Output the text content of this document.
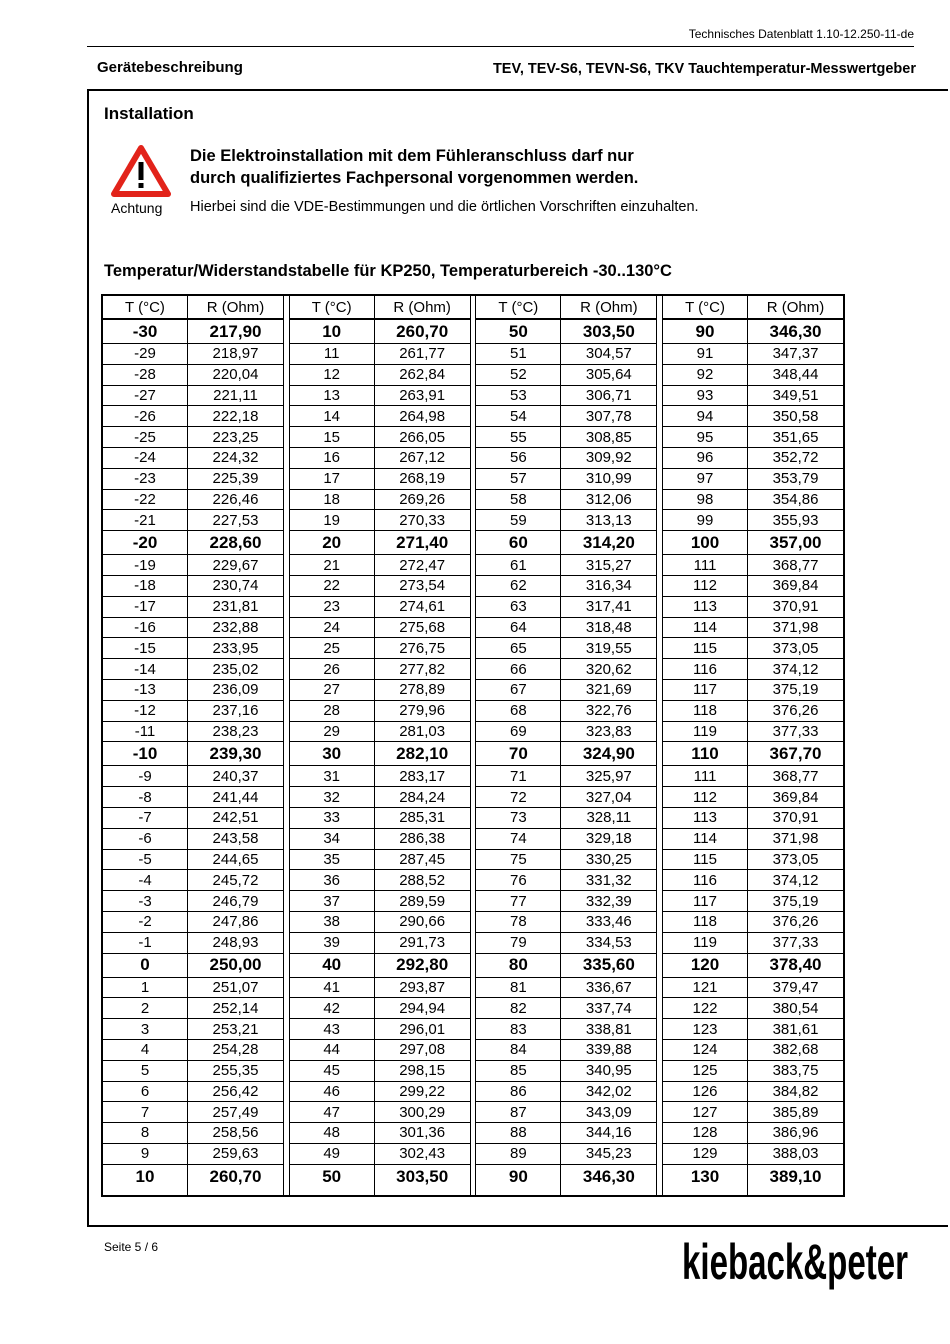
Technisches Datenblatt 1.10-12.250-11-de
Gerätebeschreibung	TEV, TEV-S6, TEVN-S6, TKV Tauchtemperatur-Messwertgeber
Installation
Achtung
Die Elektroinstallation mit dem Fühleranschluss darf nur
durch qualifiziertes Fachpersonal vorgenommen werden.
Hierbei sind die VDE-Bestimmungen und die örtlichen Vorschriften einzuhalten.
Temperatur/Widerstandstabelle für KP250, Temperaturbereich -30..130°C
T (°C)
-30
-29
-28
-27
-26
-25
-24
-23
-22
-21
-20
-19
-18
-17
-16
-15
-14
-13
-12
-11
-10
-9
-8
-7
-6
-5
-4
-3
-2
-1
0
1
2
3
4
5
6
7
8
9
10
R (Ohm)
217,90
218,97
220,04
221,11
222,18
223,25
224,32
225,39
226,46
227,53
228,60
229,67
230,74
231,81
232,88
233,95
235,02
236,09
237,16
238,23
239,30
240,37
241,44
242,51
243,58
244,65
245,72
246,79
247,86
248,93
250,00
251,07
252,14
253,21
254,28
255,35
256,42
257,49
258,56
259,63
260,70
T (°C)
10
11
12
13
14
15
16
17
18
19
20
21
22
23
24
25
26
27
28
29
30
31
32
33
34
35
36
37
38
39
40
41
42
43
44
45
46
47
48
49
50
R (Ohm)
260,70
261,77
262,84
263,91
264,98
266,05
267,12
268,19
269,26
270,33
271,40
272,47
273,54
274,61
275,68
276,75
277,82
278,89
279,96
281,03
282,10
283,17
284,24
285,31
286,38
287,45
288,52
289,59
290,66
291,73
292,80
293,87
294,94
296,01
297,08
298,15
299,22
300,29
301,36
302,43
303,50
T (°C)
50
51
52
53
54
55
56
57
58
59
60
61
62
63
64
65
66
67
68
69
70
71
72
73
74
75
76
77
78
79
80
81
82
83
84
85
86
87
88
89
90
R (Ohm)
303,50
304,57
305,64
306,71
307,78
308,85
309,92
310,99
312,06
313,13
314,20
315,27
316,34
317,41
318,48
319,55
320,62
321,69
322,76
323,83
324,90
325,97
327,04
328,11
329,18
330,25
331,32
332,39
333,46
334,53
335,60
336,67
337,74
338,81
339,88
340,95
342,02
343,09
344,16
345,23
346,30
T (°C)
90
91
92
93
94
95
96
97
98
99
100
111
112
113
114
115
116
117
118
119
110
111
112
113
114
115
116
117
118
119
120
121
122
123
124
125
126
127
128
129
130
R (Ohm)
346,30
347,37
348,44
349,51
350,58
351,65
352,72
353,79
354,86
355,93
357,00
368,77
369,84
370,91
371,98
373,05
374,12
375,19
376,26
377,33
367,70
368,77
369,84
370,91
371,98
373,05
374,12
375,19
376,26
377,33
378,40
379,47
380,54
381,61
382,68
383,75
384,82
385,89
386,96
388,03
389,10
Seite 5 / 6	kieback&peter
